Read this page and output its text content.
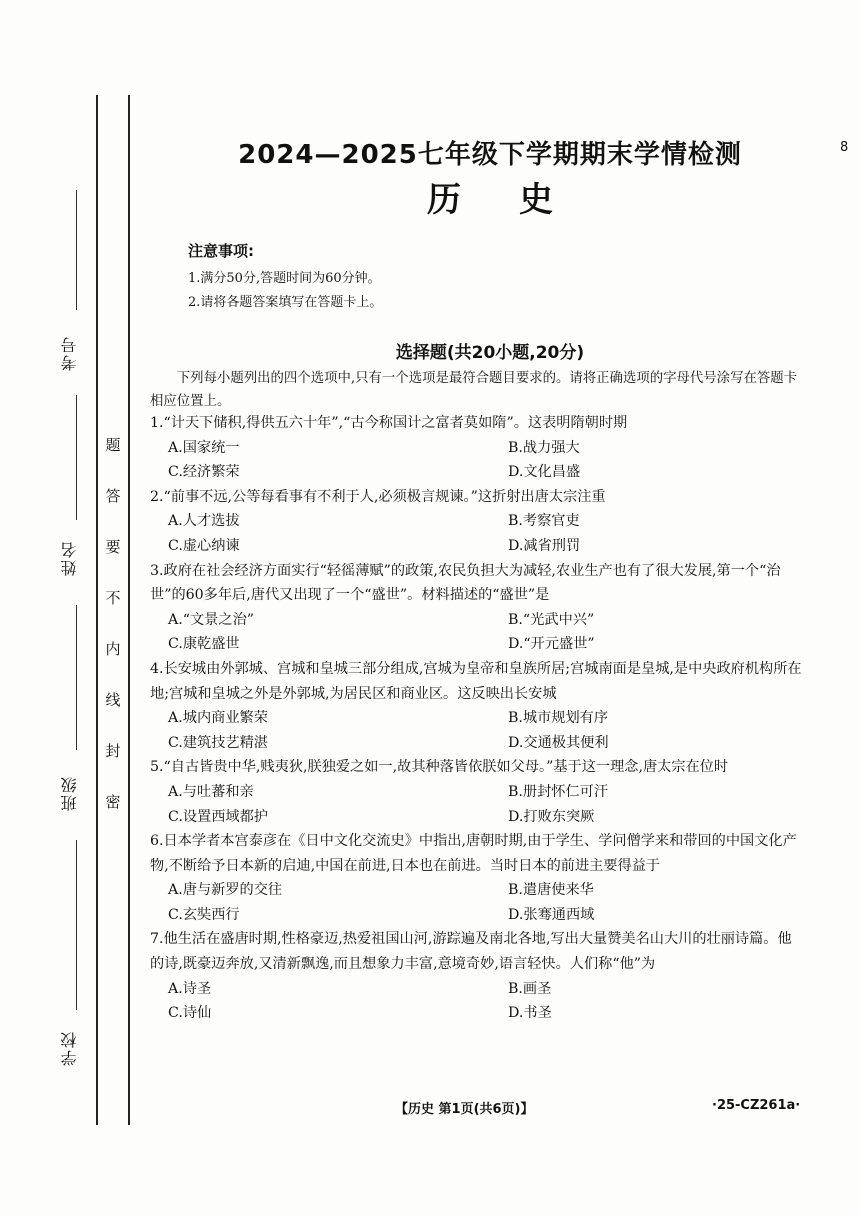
考号
姓名
班级
学校
题
答
要
不
内
线
封
密
8
2024—2025七年级下学期期末学情检测
历史
注意事项:

1.满分50分,答题时间为60分钟。

2.请将各题答案填写在答题卡上。

选择题(共20小题,20分)

下列每小题列出的四个选项中,只有一个选项是最符合题目要求的。请将正确选项的字母代号涂写在答题卡相应位置上。

1.“计天下储积,得供五六十年”,“古今称国计之富者莫如隋”。这表明隋朝时期

A.国家统一	B.战力强大
C.经济繁荣	D.文化昌盛

2.“前事不远,公等每看事有不利于人,必须极言规谏。”这折射出唐太宗注重

A.人才选拔	B.考察官吏
C.虚心纳谏	D.减省刑罚

3.政府在社会经济方面实行“轻徭薄赋”的政策,农民负担大为减轻,农业生产也有了很大发展,第一个“治世”的60多年后,唐代又出现了一个“盛世”。材料描述的“盛世”是

A.“文景之治”	B.“光武中兴”
C.康乾盛世	D.“开元盛世”

4.长安城由外郭城、宫城和皇城三部分组成,宫城为皇帝和皇族所居;宫城南面是皇城,是中央政府机构所在地;宫城和皇城之外是外郭城,为居民区和商业区。这反映出长安城

A.城内商业繁荣	B.城市规划有序
C.建筑技艺精湛	D.交通极其便利

5.“自古皆贵中华,贱夷狄,朕独爱之如一,故其种落皆依朕如父母。”基于这一理念,唐太宗在位时

A.与吐蕃和亲	B.册封怀仁可汗
C.设置西域都护	D.打败东突厥

6.日本学者本宫泰彦在《日中文化交流史》中指出,唐朝时期,由于学生、学问僧学来和带回的中国文化产物,不断给予日本新的启迪,中国在前进,日本也在前进。当时日本的前进主要得益于

A.唐与新罗的交往	B.遣唐使来华
C.玄奘西行	D.张骞通西域

7.他生活在盛唐时期,性格豪迈,热爱祖国山河,游踪遍及南北各地,写出大量赞美名山大川的壮丽诗篇。他的诗,既豪迈奔放,又清新飘逸,而且想象力丰富,意境奇妙,语言轻快。人们称“他”为

A.诗圣	B.画圣
C.诗仙	D.书圣
【历史 第1页(共6页)】	·25-CZ261a·
